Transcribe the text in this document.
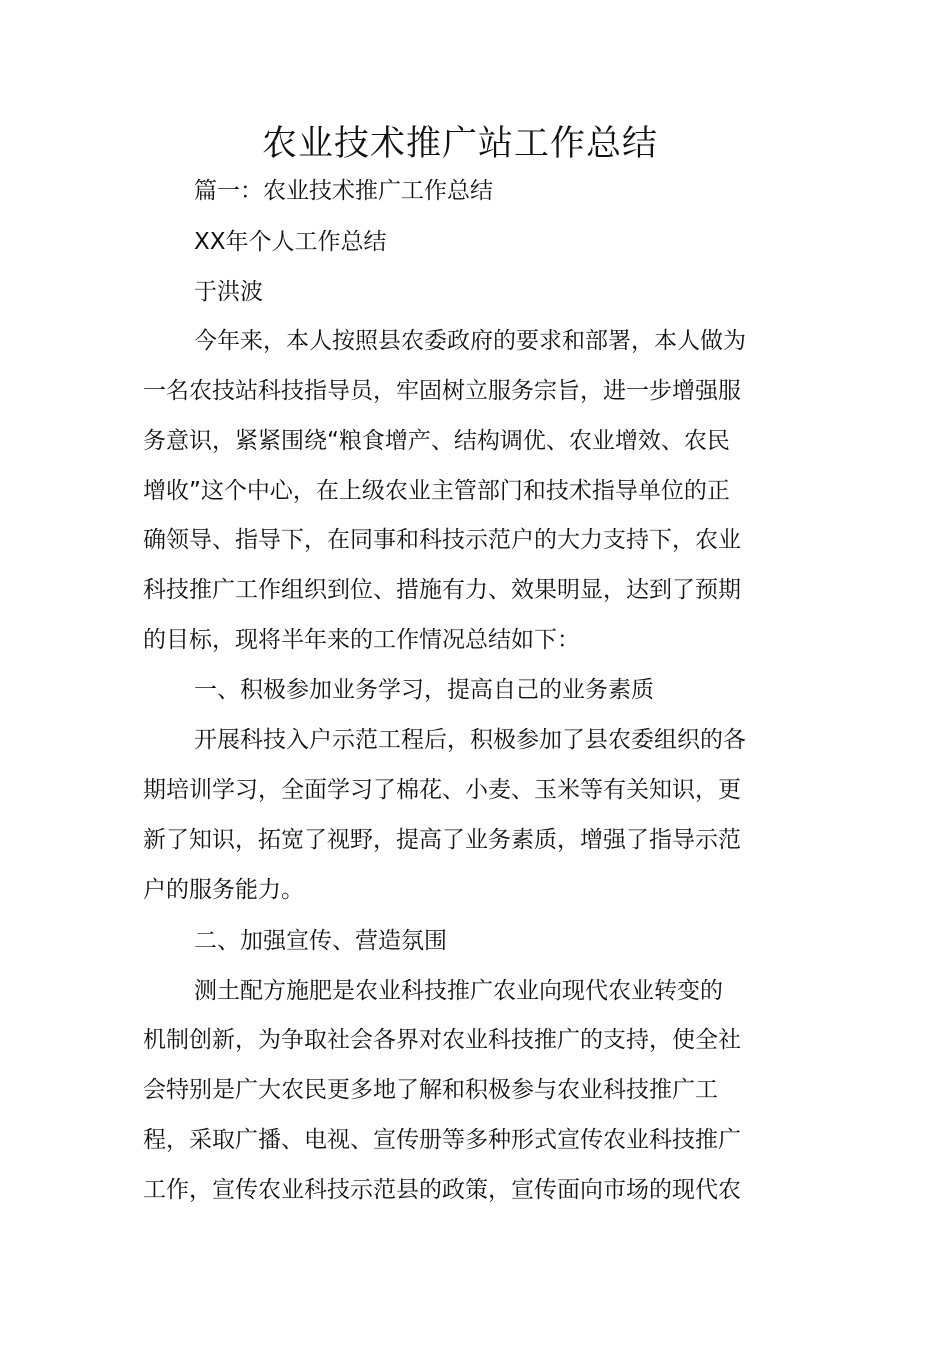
农业技术推广站工作总结
篇一：农业技术推广工作总结
XX年个人工作总结
于洪波
今年来，本人按照县农委政府的要求和部署，本人做为
一名农技站科技指导员，牢固树立服务宗旨，进一步增强服
务意识，紧紧围绕“粮食增产、结构调优、农业增效、农民
增收”这个中心，在上级农业主管部门和技术指导单位的正
确领导、指导下，在同事和科技示范户的大力支持下，农业
科技推广工作组织到位、措施有力、效果明显，达到了预期
的目标，现将半年来的工作情况总结如下：
一、积极参加业务学习，提高自己的业务素质
开展科技入户示范工程后，积极参加了县农委组织的各
期培训学习，全面学习了棉花、小麦、玉米等有关知识，更
新了知识，拓宽了视野，提高了业务素质，增强了指导示范
户的服务能力。
二、加强宣传、营造氛围
测土配方施肥是农业科技推广农业向现代农业转变的
机制创新，为争取社会各界对农业科技推广的支持，使全社
会特别是广大农民更多地了解和积极参与农业科技推广工
程，采取广播、电视、宣传册等多种形式宣传农业科技推广
工作，宣传农业科技示范县的政策，宣传面向市场的现代农
